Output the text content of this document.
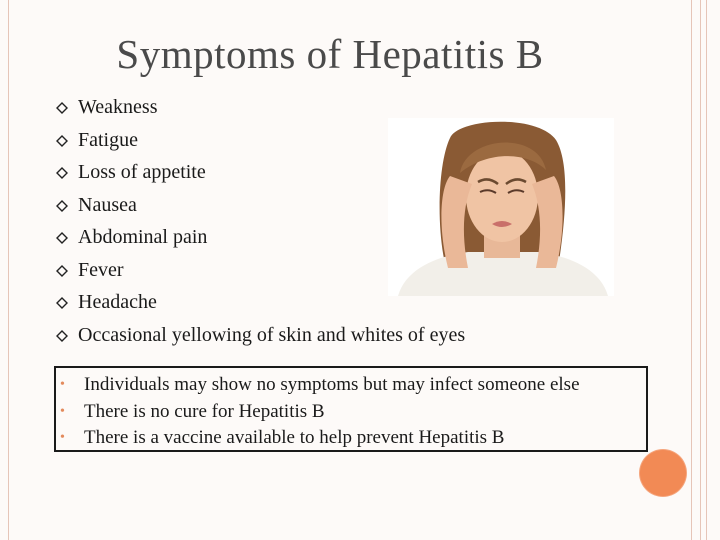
Symptoms of Hepatitis B
Weakness
Fatigue
Loss of appetite
Nausea
Abdominal pain
Fever
Headache
Occasional yellowing of skin and whites of eyes
• Individuals may show no symptoms but may infect someone else
• There is no cure for Hepatitis B
• There is a vaccine available to help prevent Hepatitis B
